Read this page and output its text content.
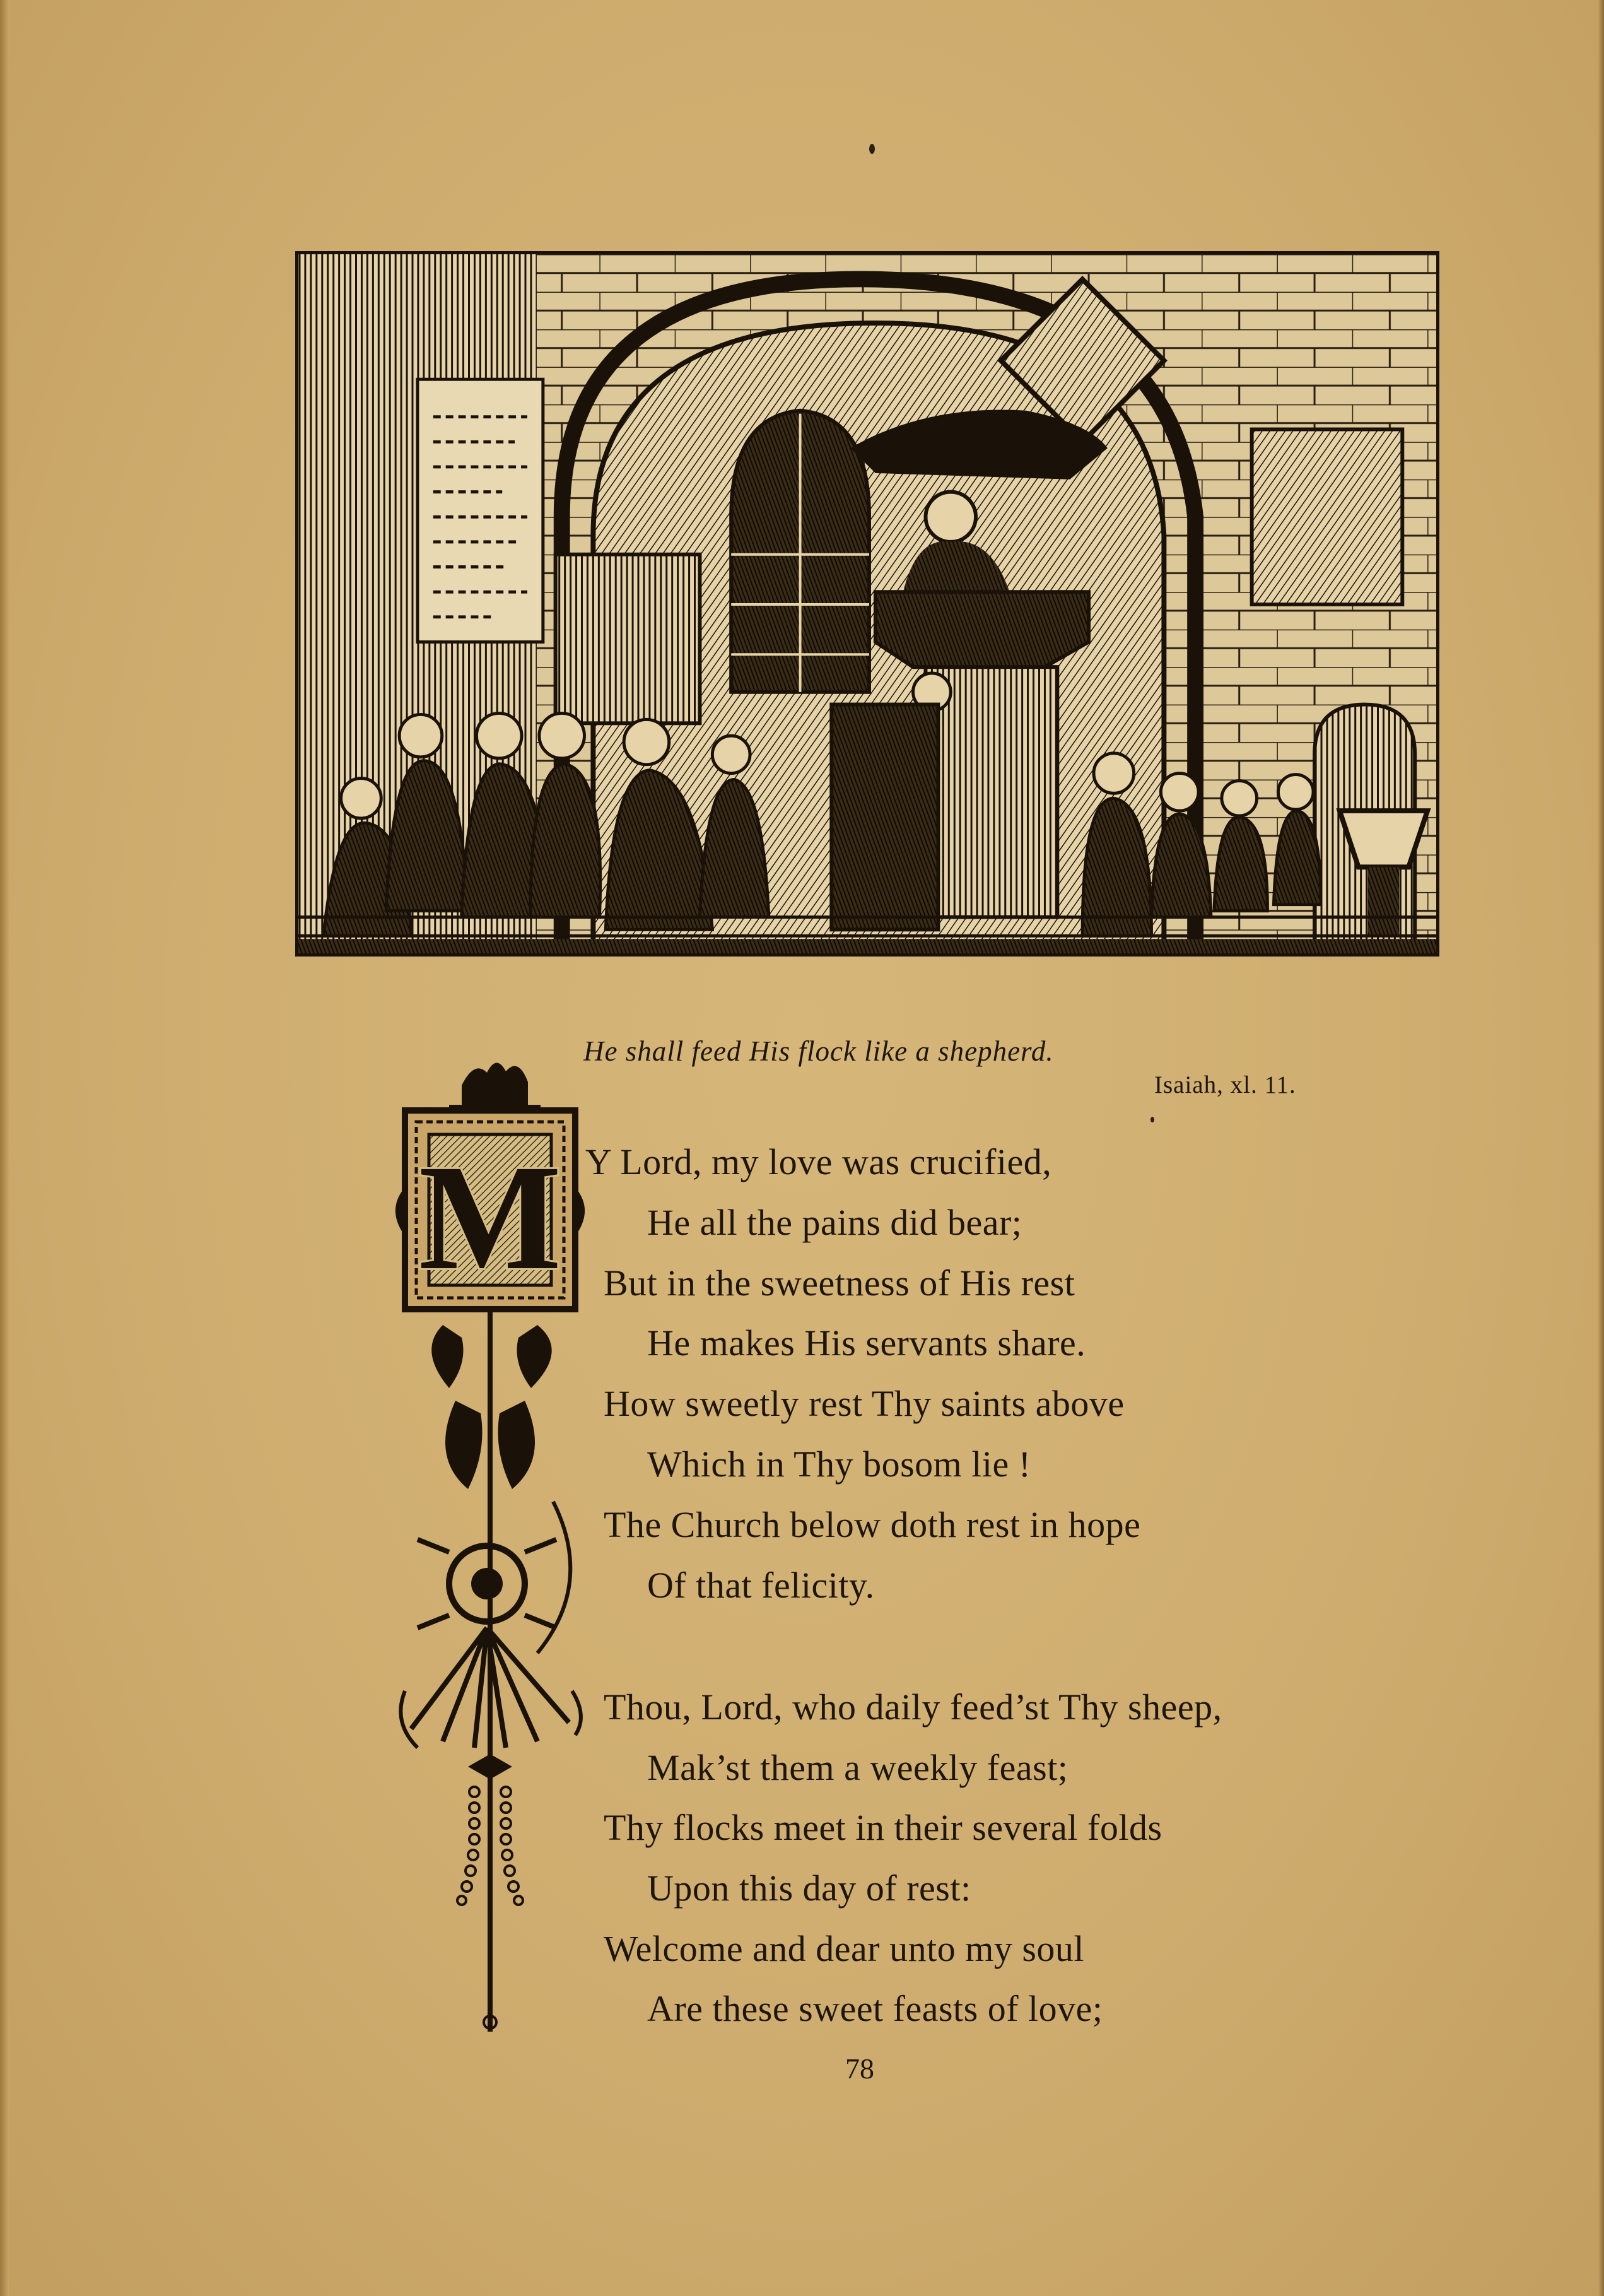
He shall feed His flock like a shepherd.
Isaiah, xl. 11.
M Y Lord, my love was crucified,
He all the pains did bear;
But in the sweetness of His rest
He makes His servants share.
How sweetly rest Thy saints above
Which in Thy bosom lie !
The Church below doth rest in hope
Of that felicity.
Thou, Lord, who daily feed’st Thy sheep,
Mak’st them a weekly feast;
Thy flocks meet in their several folds
Upon this day of rest:
Welcome and dear unto my soul
Are these sweet feasts of love;
78
